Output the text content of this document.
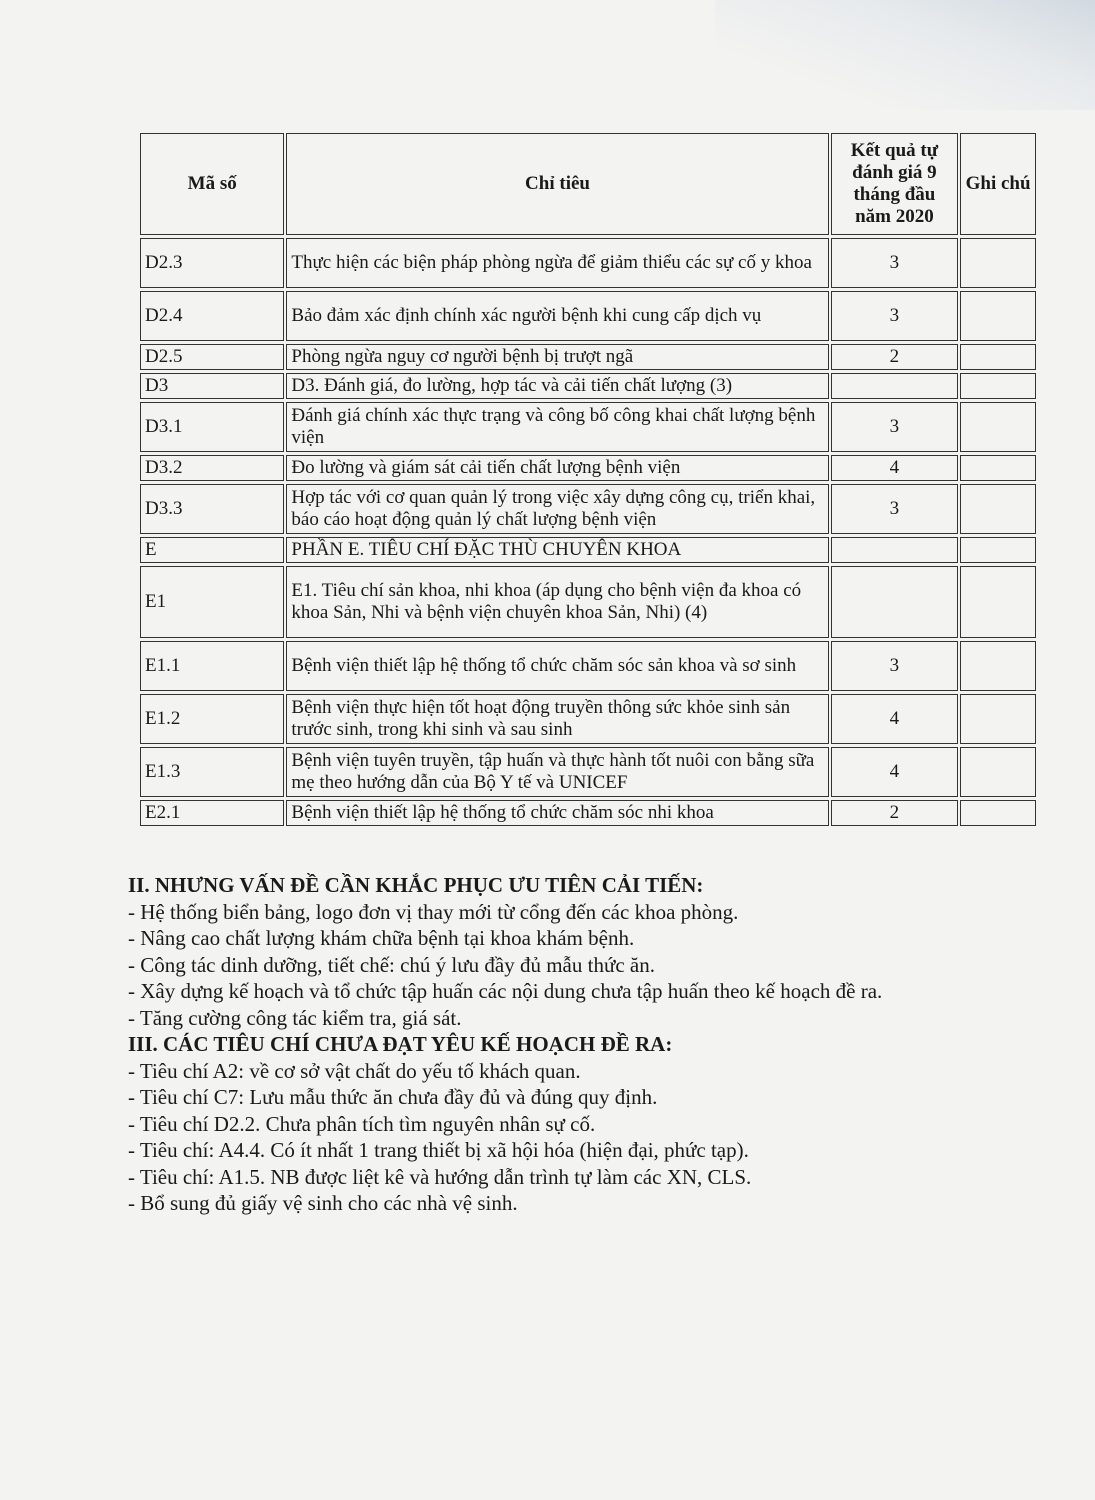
Mã số	Chỉ tiêu	Kết quả tự đánh giá 9 tháng đầu năm 2020	Ghi chú
D2.3	Thực hiện các biện pháp phòng ngừa để giảm thiểu các sự cố y khoa	3	
D2.4	Bảo đảm xác định chính xác người bệnh khi cung cấp dịch vụ	3	
D2.5	Phòng ngừa nguy cơ người bệnh bị trượt ngã	2	
D3	D3. Đánh giá, đo lường, hợp tác và cải tiến chất lượng (3)		
D3.1	Đánh giá chính xác thực trạng và công bố công khai chất lượng bệnh viện	3	
D3.2	Đo lường và giám sát cải tiến chất lượng bệnh viện	4	
D3.3	Hợp tác với cơ quan quản lý trong việc xây dựng công cụ, triển khai, báo cáo hoạt động quản lý chất lượng bệnh viện	3	
E	PHẦN E. TIÊU CHÍ ĐẶC THÙ CHUYÊN KHOA		
E1	E1. Tiêu chí sản khoa, nhi khoa (áp dụng cho bệnh viện đa khoa có khoa Sản, Nhi và bệnh viện chuyên khoa Sản, Nhi) (4)		
E1.1	Bệnh viện thiết lập hệ thống tổ chức chăm sóc sản khoa và sơ sinh	3	
E1.2	Bệnh viện thực hiện tốt hoạt động truyền thông sức khỏe sinh sản trước sinh, trong khi sinh và sau sinh	4	
E1.3	Bệnh viện tuyên truyền, tập huấn và thực hành tốt nuôi con bằng sữa mẹ theo hướng dẫn của Bộ Y tế và UNICEF	4	
E2.1	Bệnh viện thiết lập hệ thống tổ chức chăm sóc nhi khoa	2	
II. NHƯNG VẤN ĐỀ CẦN KHẮC PHỤC ƯU TIÊN CẢI TIẾN:

- Hệ thống biển bảng, logo đơn vị thay mới từ cổng đến các khoa phòng.

- Nâng cao chất lượng khám chữa bệnh tại khoa khám bệnh.

- Công tác dinh dưỡng, tiết chế: chú ý lưu đầy đủ mẫu thức ăn.

- Xây dựng kế hoạch và tổ chức tập huấn các nội dung chưa tập huấn theo kế hoạch đề ra.

- Tăng cường công tác kiểm tra, giá sát.

III. CÁC TIÊU CHÍ CHƯA ĐẠT YÊU KẾ HOẠCH ĐỀ RA:

- Tiêu chí A2: về cơ sở vật chất do yếu tố khách quan.

- Tiêu chí C7: Lưu mẫu thức ăn chưa đầy đủ và đúng quy định.

- Tiêu chí D2.2. Chưa phân tích tìm nguyên nhân sự cố.

- Tiêu chí: A4.4. Có ít nhất 1 trang thiết bị xã hội hóa (hiện đại, phức tạp).

- Tiêu chí: A1.5. NB được liệt kê và hướng dẫn trình tự làm các XN, CLS.

- Bổ sung đủ giấy vệ sinh cho các nhà vệ sinh.
